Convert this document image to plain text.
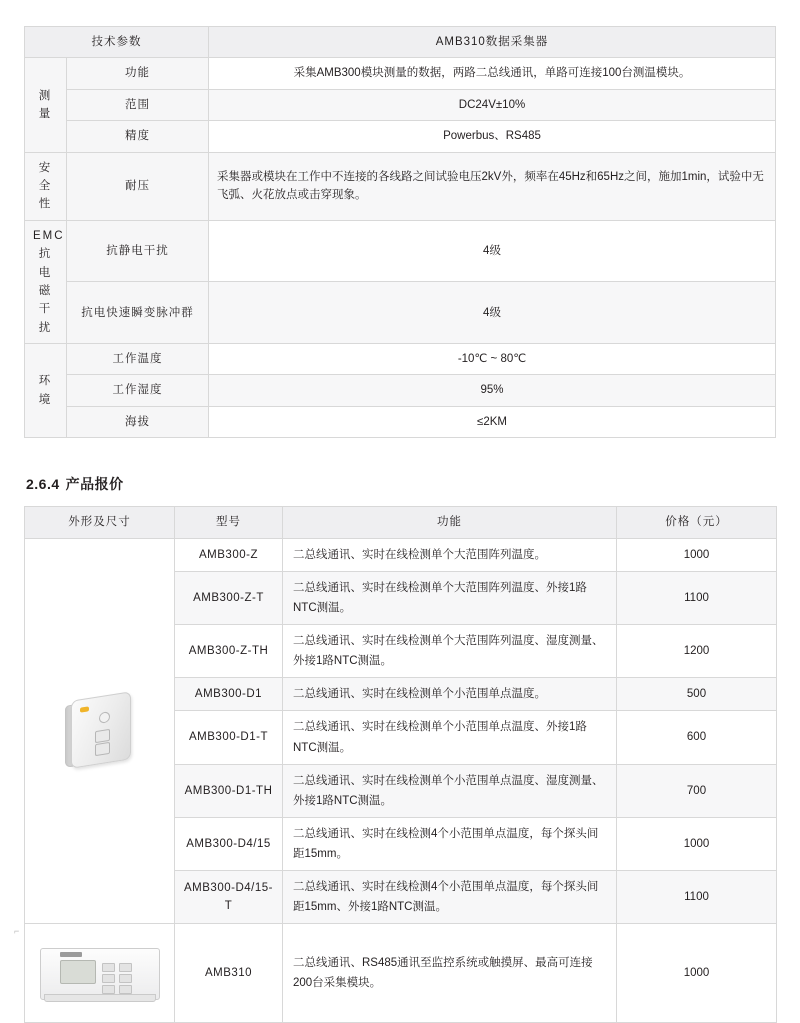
技术参数		AMB310数据采集器
测量	功能	采集AMB300模块测量的数据，两路二总线通讯，单路可连接100台测温模块。
	范围	DC24V±10%
	精度	Powerbus、RS485
安全性	耐压	采集器或模块在工作中不连接的各线路之间试验电压2kV外，频率在45Hz和65Hz之间，施加1min，试验中无飞弧、火花放点或击穿现象。
EMC抗电磁干扰	抗静电干扰	4级
	抗电快速瞬变脉冲群	4级
环境	工作温度	-10℃ ~ 80℃
	工作湿度	95%
	海拔	≤2KM
2.6.4 产品报价
外形及尺寸	型号	功能	价格（元）

	AMB300-Z	二总线通讯、实时在线检测单个大范围阵列温度。	1000
	AMB300-Z-T	二总线通讯、实时在线检测单个大范围阵列温度、外接1路NTC测温。	1100
	AMB300-Z-TH	二总线通讯、实时在线检测单个大范围阵列温度、湿度测量、外接1路NTC测温。	1200
	AMB300-D1	二总线通讯、实时在线检测单个小范围单点温度。	500
	AMB300-D1-T	二总线通讯、实时在线检测单个小范围单点温度、外接1路NTC测温。	600
	AMB300-D1-TH	二总线通讯、实时在线检测单个小范围单点温度、湿度测量、外接1路NTC测温。	700
	AMB300-D4/15	二总线通讯、实时在线检测4个小范围单点温度，每个探头间距15mm。	1000
	AMB300-D4/15-T	二总线通讯、实时在线检测4个小范围单点温度，每个探头间距15mm、外接1路NTC测温。	1100

	AMB310	二总线通讯、RS485通讯至监控系统或触摸屏、最高可连接200台采集模块。	1000
⌐
